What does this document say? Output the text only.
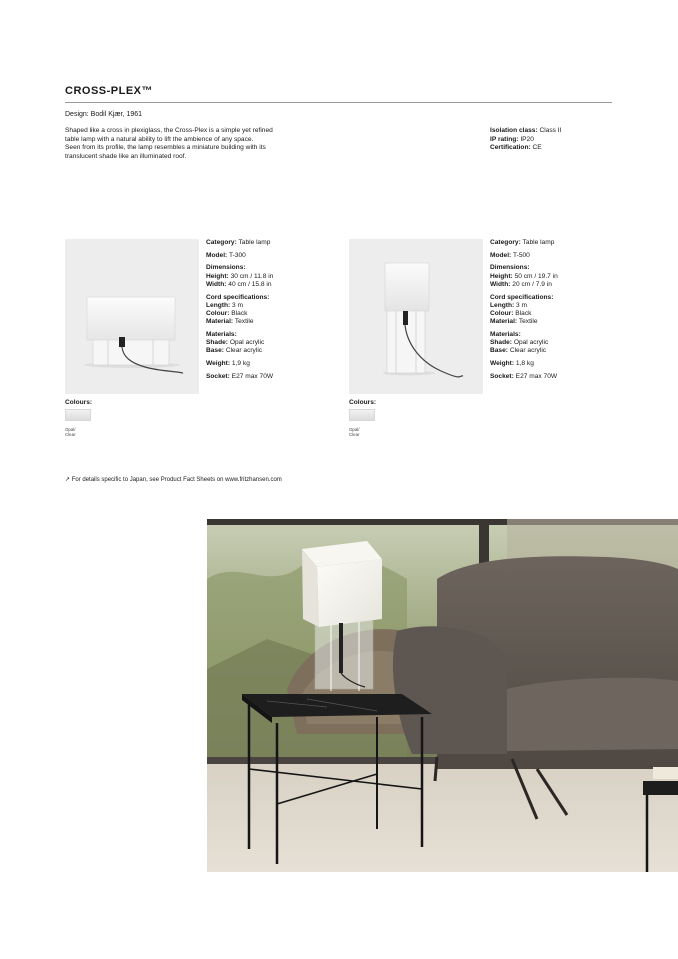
CROSS-PLEX™
Design: Bodil Kjær, 1961
Shaped like a cross in plexiglass, the Cross-Plex is a simple yet refined
table lamp with a natural ability to lift the ambience of any space.
Seen from its profile, the lamp resembles a miniature building with its
translucent shade like an illuminated roof.
Isolation class: Class II
IP rating: IP20
Certification: CE
Category: Table lamp
Model: T-300
Dimensions:
Height: 30 cm / 11.8 in
Width: 40 cm / 15.8 in
Cord specifications:
Length: 3 m
Colour: Black
Material: Textile
Materials:
Shade: Opal acrylic
Base: Clear acrylic
Weight: 1,9 kg
Socket: E27 max 70W
Colours:
Opal/
Clear
Category: Table lamp
Model: T-500
Dimensions:
Height: 50 cm / 19.7 in
Width: 20 cm / 7.9 in
Cord specifications:
Length: 3 m
Colour: Black
Material: Textile
Materials:
Shade: Opal acrylic
Base: Clear acrylic
Weight: 1,8 kg
Socket: E27 max 70W
Colours:
Opal/
Clear
↗ For details specific to Japan, see Product Fact Sheets on www.fritzhansen.com
